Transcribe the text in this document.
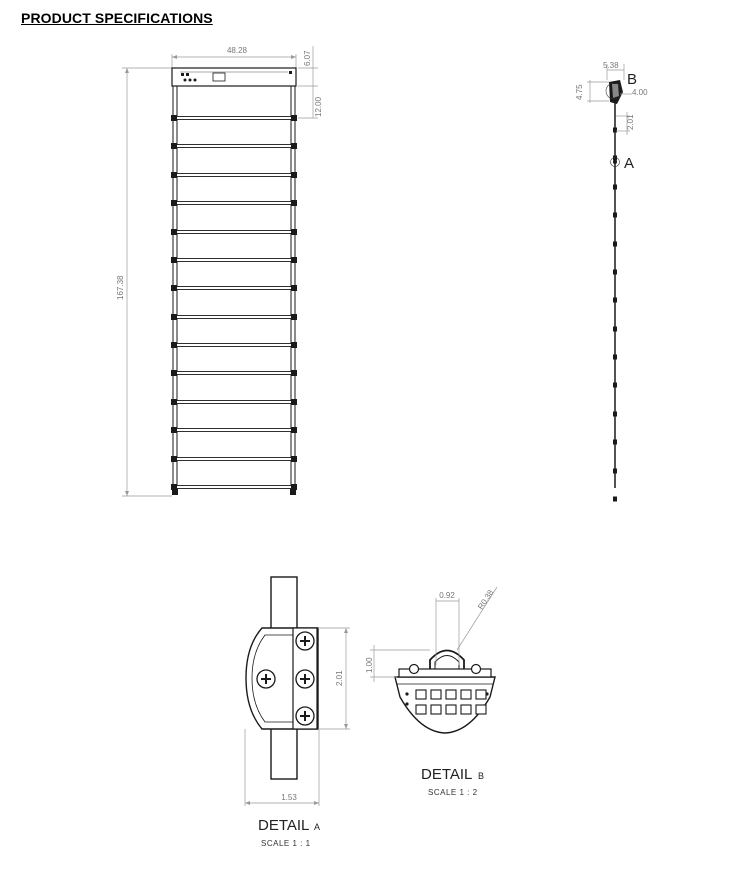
PRODUCT SPECIFICATIONS
48.28	6.07
12.00
167.38
B
A
5.38
4.00
4.75
2.01
2.01
1.53
DETAIL A
SCALE 1 : 1
0.92	R0.38
1.00
DETAIL B
SCALE 1 : 2
